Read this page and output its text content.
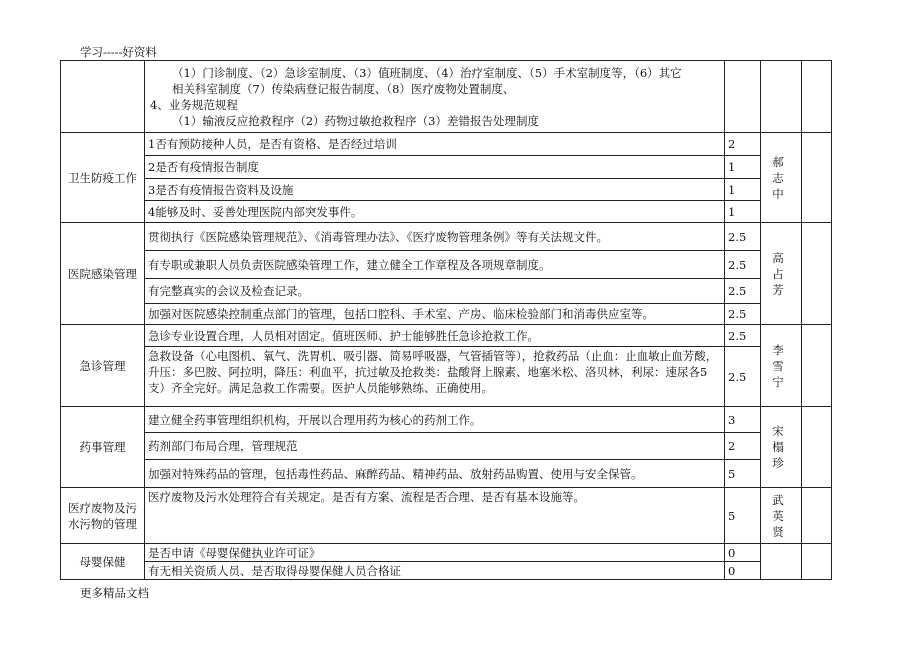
学习-----好资料

	（1）门诊制度、（2）急诊室制度、（3）值班制度、（4）治疗室制度、（5）手术室制度等，（6）其它
相关科室制度（7）传染病登记报告制度、（8）医疗废物处置制度、
4、业务规范规程
（1）输液反应抢救程序（2）药物过敏抢救程序（3）差错报告处理制度			

卫生防疫工作	1否有预防接种人员，是否有资格、是否经过培训	2	郝志中	
	2是否有疫情报告制度	1		
	3是否有疫情报告资料及设施	1		
	4能够及时、妥善处理医院内部突发事件。	1		
医院感染管理	贯彻执行《医院感染管理规范》、《消毒管理办法》、《医疗废物管理条例》等有关法规文件。	2.5	高占芳	
	有专职或兼职人员负责医院感染管理工作，建立健全工作章程及各项规章制度。	2.5		
	有完整真实的会议及检查记录。	2.5		
	加强对医院感染控制重点部门的管理，包括口腔科、手术室、产房、临床检验部门和消毒供应室等。	2.5		
急诊管理	急诊专业设置合理，人员相对固定。值班医师、护士能够胜任急诊抢救工作。	2.5	李雪宁	

	急救设备（心电图机、氧气、洗胃机、吸引器、简易呼吸器，气管插管等），抢救药品（止血：止血敏止血芳酸，
升压：多巴胺、阿拉明，降压：利血平，抗过敏及抢救类：盐酸肾上腺素、地塞米松、洛贝林，利尿：速尿各5
支）齐全完好。满足急救工作需要。医护人员能够熟练、正确使用。	2.5		
药事管理	建立健全药事管理组织机构，开展以合理用药为核心的药剂工作。	3	宋榻珍	
	药剂部门布局合理，管理规范	2		
	加强对特殊药品的管理，包括毒性药品、麻醉药品、精神药品、放射药品购置、使用与安全保管。	5		
医疗废物及污水污物的管理	医疗废物及污水处理符合有关规定。是否有方案、流程是否合理、是否有基本设施等。	5	武英贤	
母婴保健	是否申请《母婴保健执业许可证》	0		
	有无相关资质人员、是否取得母婴保健人员合格证	0		
更多精品文档
